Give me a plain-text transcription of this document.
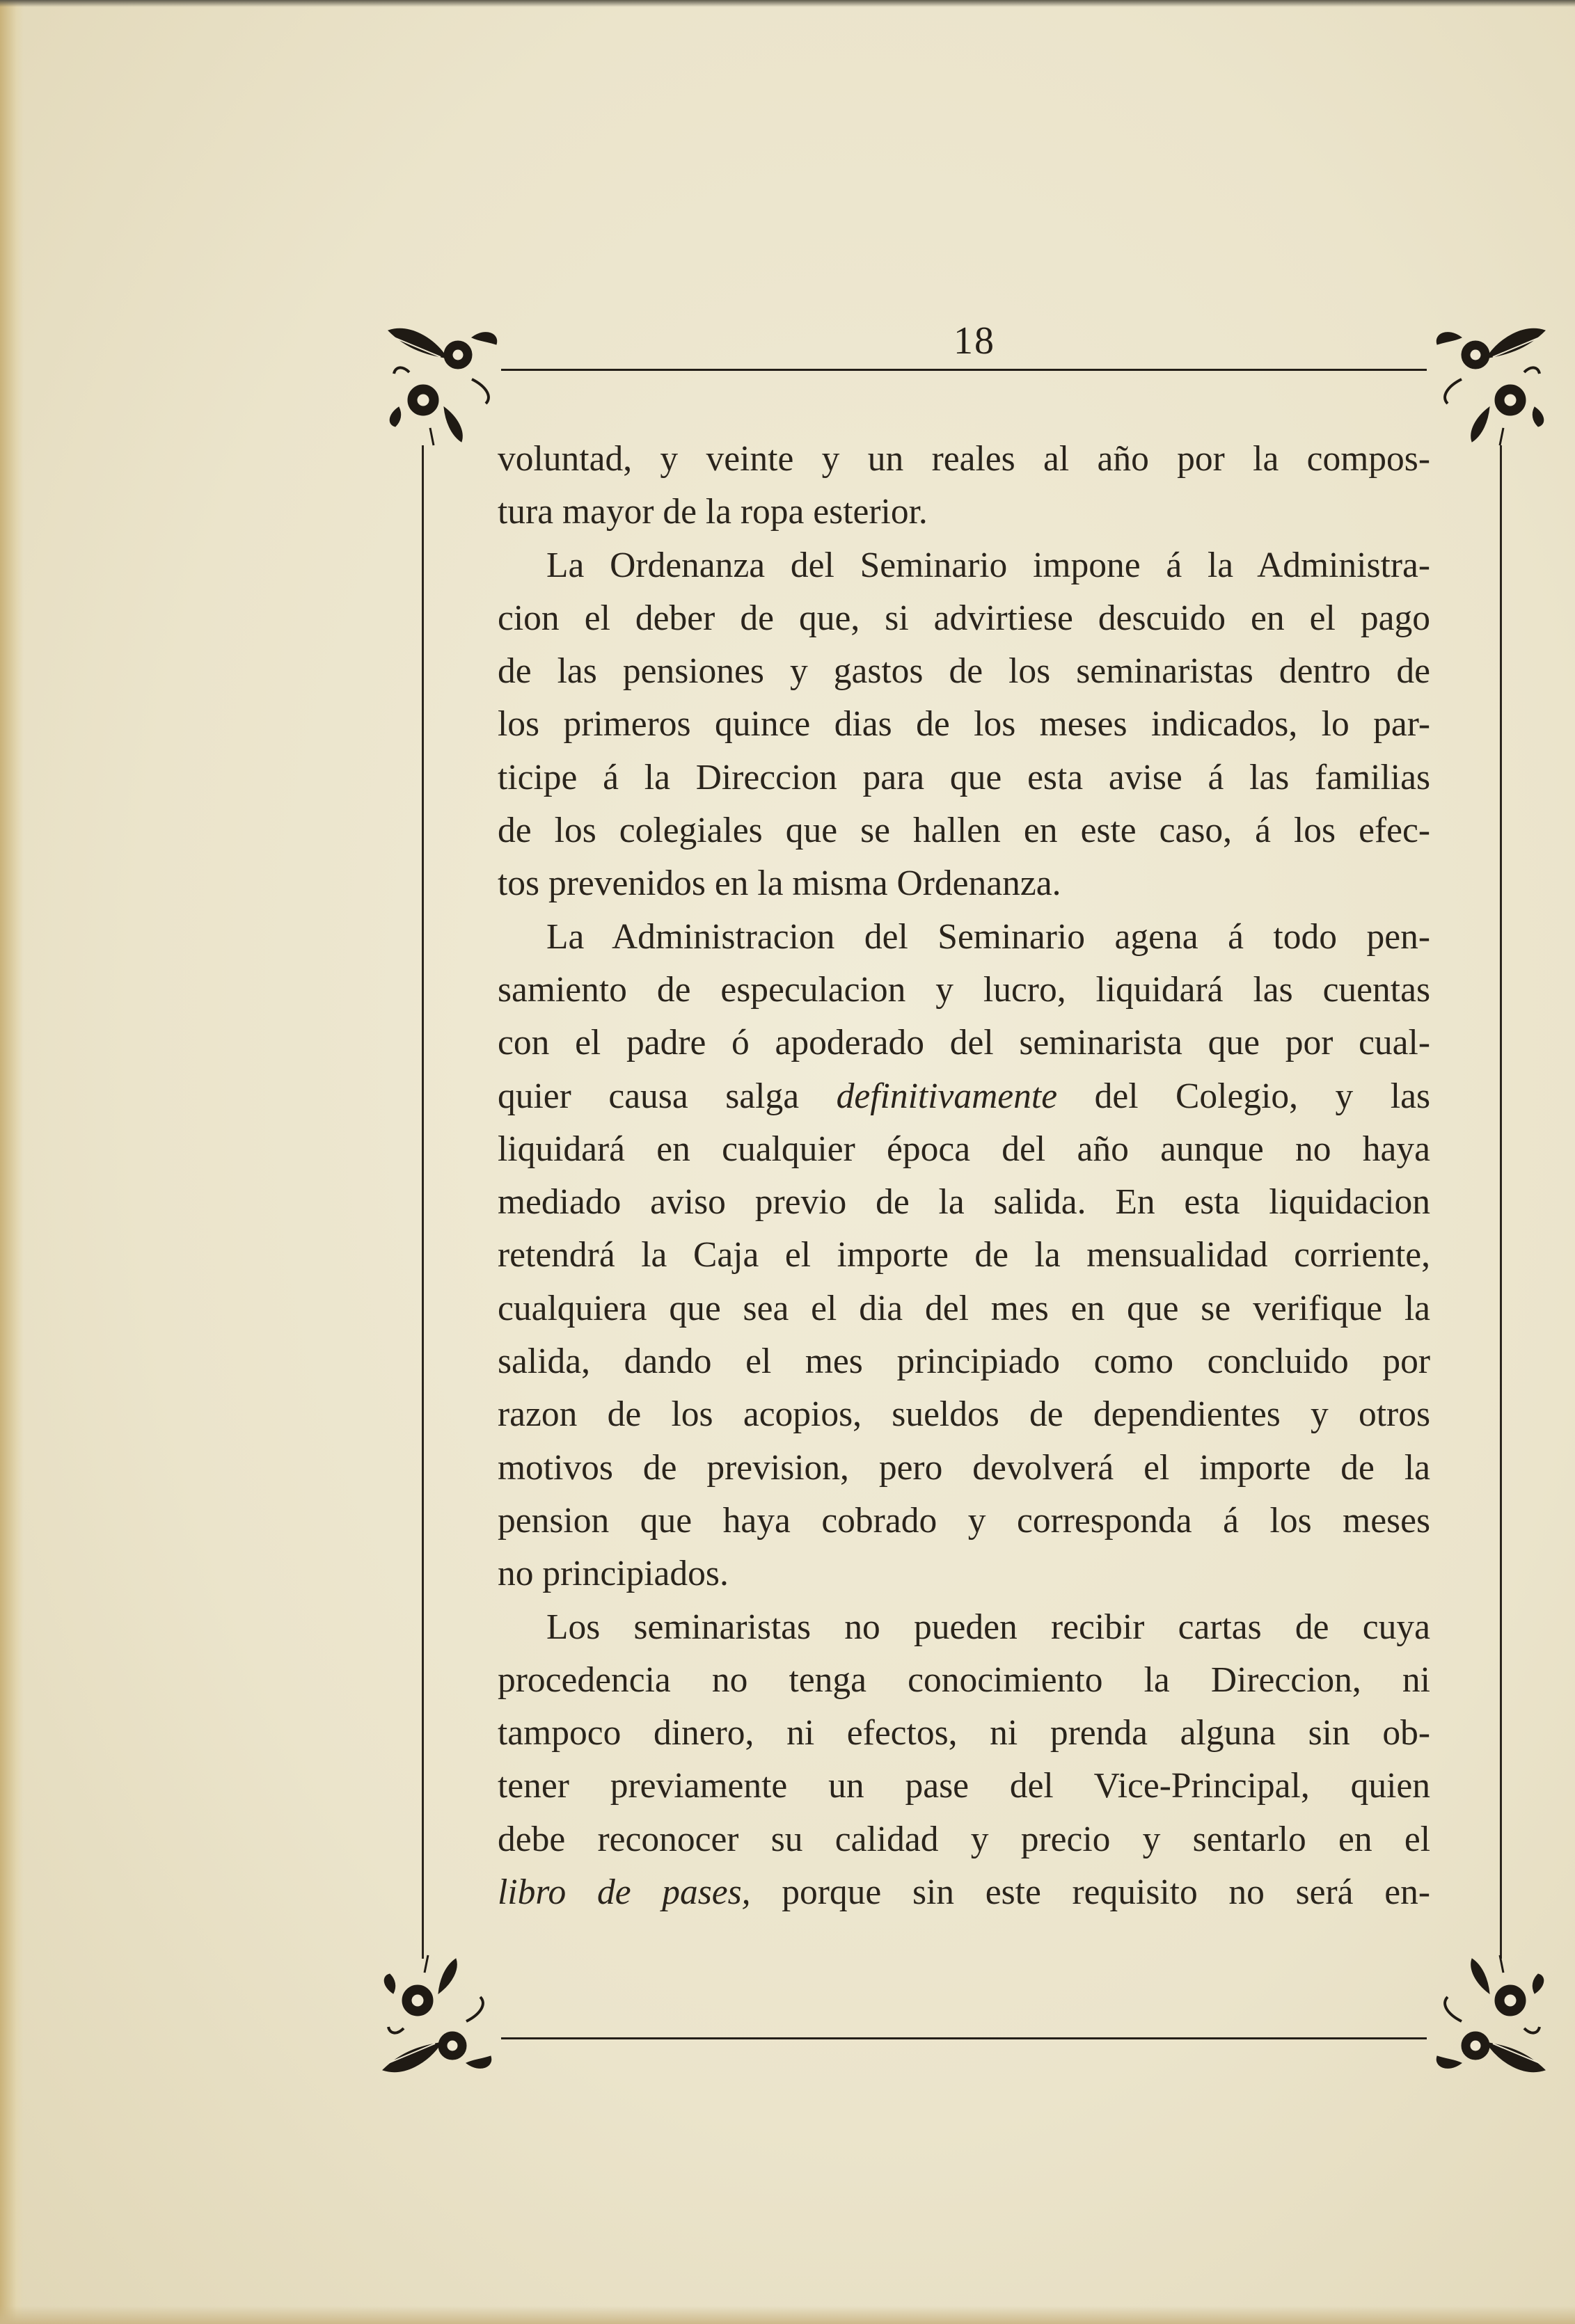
18
voluntad, y veinte y un reales al año por la compos-
tura mayor de la ropa esterior.
La Ordenanza del Seminario impone á la Administra-
cion el deber de que, si advirtiese descuido en el pago
de las pensiones y gastos de los seminaristas dentro de
los primeros quince dias de los meses indicados, lo par-
ticipe á la Direccion para que esta avise á las familias
de los colegiales que se hallen en este caso, á los efec-
tos prevenidos en la misma Ordenanza.
La Administracion del Seminario agena á todo pen-
samiento de especulacion y lucro, liquidará las cuentas
con el padre ó apoderado del seminarista que por cual-
quier causa salga definitivamente del Colegio, y las
liquidará en cualquier época del año aunque no haya
mediado aviso previo de la salida. En esta liquidacion
retendrá la Caja el importe de la mensualidad corriente,
cualquiera que sea el dia del mes en que se verifique la
salida, dando el mes principiado como concluido por
razon de los acopios, sueldos de dependientes y otros
motivos de prevision, pero devolverá el importe de la
pension que haya cobrado y corresponda á los meses
no principiados.
Los seminaristas no pueden recibir cartas de cuya
procedencia no tenga conocimiento la Direccion, ni
tampoco dinero, ni efectos, ni prenda alguna sin ob-
tener previamente un pase del Vice-Principal, quien
debe reconocer su calidad y precio y sentarlo en el
libro de pases, porque sin este requisito no será en-
